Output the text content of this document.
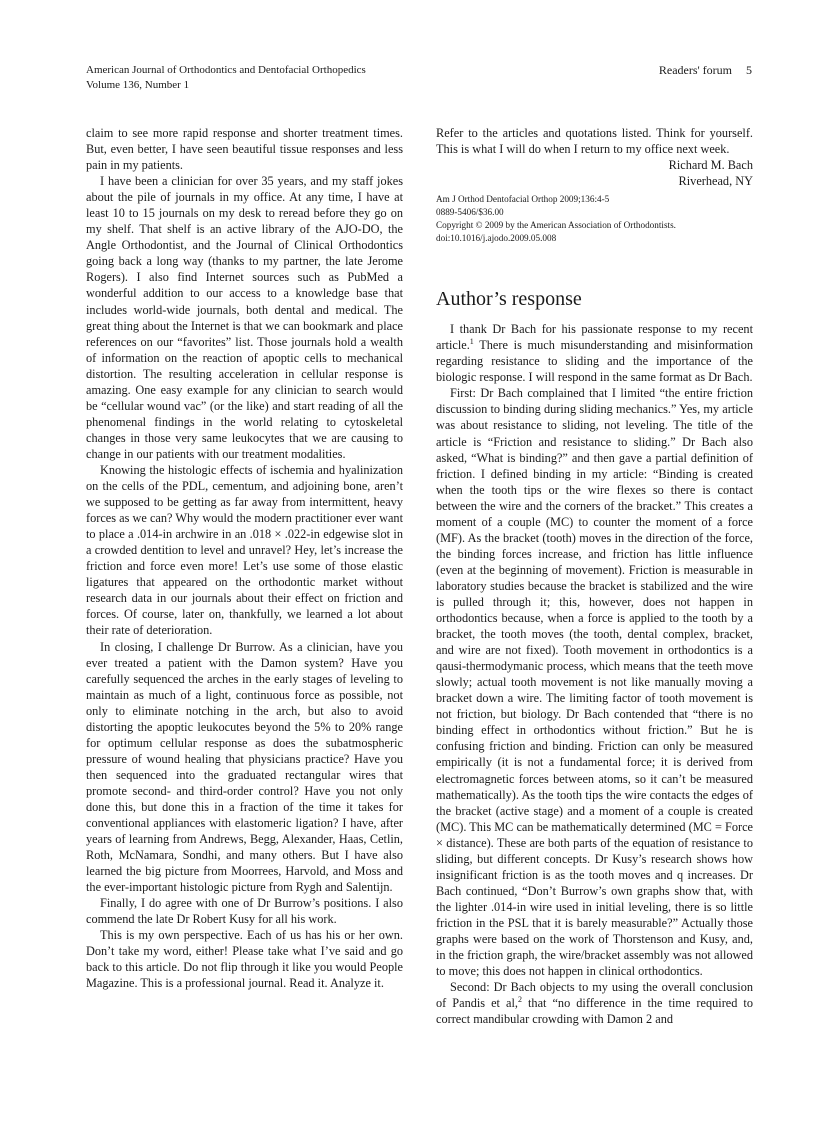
American Journal of Orthodontics and Dentofacial Orthopedics
Volume 136, Number 1
Readers' forum 5

claim to see more rapid response and shorter treatment times. But, even better, I have seen beautiful tissue responses and less pain in my patients.

I have been a clinician for over 35 years, and my staff jokes about the pile of journals in my office. At any time, I have at least 10 to 15 journals on my desk to reread before they go on my shelf. That shelf is an active library of the AJO-DO, the Angle Orthodontist, and the Journal of Clinical Orthodontics going back a long way (thanks to my partner, the late Jerome Rogers). I also find Internet sources such as PubMed a wonderful addition to our access to a knowledge base that includes world-wide journals, both dental and medical. The great thing about the Internet is that we can bookmark and place references on our “favorites” list. Those journals hold a wealth of information on the reaction of apoptic cells to mechanical distortion. The resulting acceleration in cellular response is amazing. One easy example for any clinician to search would be “cellular wound vac” (or the like) and start reading of all the phenomenal findings in the world relating to cytoskeletal changes in those very same leukocytes that we are causing to change in our patients with our treatment modalities.

Knowing the histologic effects of ischemia and hyalinization on the cells of the PDL, cementum, and adjoining bone, aren’t we supposed to be getting as far away from intermittent, heavy forces as we can? Why would the modern practitioner ever want to place a .014-in archwire in an .018 × .022-in edgewise slot in a crowded dentition to level and unravel? Hey, let’s increase the friction and force even more! Let’s use some of those elastic ligatures that appeared on the orthodontic market without research data in our journals about their effect on friction and forces. Of course, later on, thankfully, we learned a lot about their rate of deterioration.

In closing, I challenge Dr Burrow. As a clinician, have you ever treated a patient with the Damon system? Have you carefully sequenced the arches in the early stages of leveling to maintain as much of a light, continuous force as possible, not only to eliminate notching in the arch, but also to avoid distorting the apoptic leukocutes beyond the 5% to 20% range for optimum cellular response as does the subatmospheric pressure of wound healing that physicians practice? Have you then sequenced into the graduated rectangular wires that promote second- and third-order control? Have you not only done this, but done this in a fraction of the time it takes for conventional appliances with elastomeric ligation? I have, after years of learning from Andrews, Begg, Alexander, Haas, Cetlin, Roth, McNamara, Sondhi, and many others. But I have also learned the big picture from Moorrees, Harvold, and Moss and the ever-important histologic picture from Rygh and Salentijn.

Finally, I do agree with one of Dr Burrow’s positions. I also commend the late Dr Robert Kusy for all his work.

This is my own perspective. Each of us has his or her own. Don’t take my word, either! Please take what I’ve said and go back to this article. Do not flip through it like you would People Magazine. This is a professional journal. Read it. Analyze it.

Refer to the articles and quotations listed. Think for yourself. This is what I will do when I return to my office next week.

Richard M. Bach
Riverhead, NY
Am J Orthod Dentofacial Orthop 2009;136:4-5
0889-5406/$36.00
Copyright © 2009 by the American Association of Orthodontists.
doi:10.1016/j.ajodo.2009.05.008
Author’s response

I thank Dr Bach for his passionate response to my recent article.$^1$ There is much misunderstanding and misinformation regarding resistance to sliding and the importance of the biologic response. I will respond in the same format as Dr Bach.

First: Dr Bach complained that I limited “the entire friction discussion to binding during sliding mechanics.” Yes, my article was about resistance to sliding, not leveling. The title of the article is “Friction and resistance to sliding.” Dr Bach also asked, “What is binding?” and then gave a partial definition of friction. I defined binding in my article: “Binding is created when the tooth tips or the wire flexes so there is contact between the wire and the corners of the bracket.” This creates a moment of a couple (MC) to counter the moment of a force (MF). As the bracket (tooth) moves in the direction of the force, the binding forces increase, and friction has little influence (even at the beginning of movement). Friction is measurable in laboratory studies because the bracket is stabilized and the wire is pulled through it; this, however, does not happen in orthodontics because, when a force is applied to the tooth by a bracket, the tooth moves (the tooth, dental complex, bracket, and wire are not fixed). Tooth movement in orthodontics is a qausi-thermodymanic process, which means that the teeth move slowly; actual tooth movement is not like manually moving a bracket down a wire. The limiting factor of tooth movement is not friction, but biology. Dr Bach contended that “there is no binding effect in orthodontics without friction.” But he is confusing friction and binding. Friction can only be measured empirically (it is not a fundamental force; it is derived from electromagnetic forces between atoms, so it can’t be measured mathematically). As the tooth tips the wire contacts the edges of the bracket (active stage) and a moment of a couple is created (MC). This MC can be mathematically determined (MC = Force × distance). These are both parts of the equation of resistance to sliding, but different concepts. Dr Kusy’s research shows how insignificant friction is as the tooth moves and q increases. Dr Bach continued, “Don’t Burrow’s own graphs show that, with the lighter .014-in wire used in initial leveling, there is so little friction in the PSL that it is barely measurable?” Actually those graphs were based on the work of Thorstenson and Kusy, and, in the friction graph, the wire/bracket assembly was not allowed to move; this does not happen in clinical orthodontics.

Second: Dr Bach objects to my using the overall conclusion of Pandis et al,$^2$ that “no difference in the time required to correct mandibular crowding with Damon 2 and
